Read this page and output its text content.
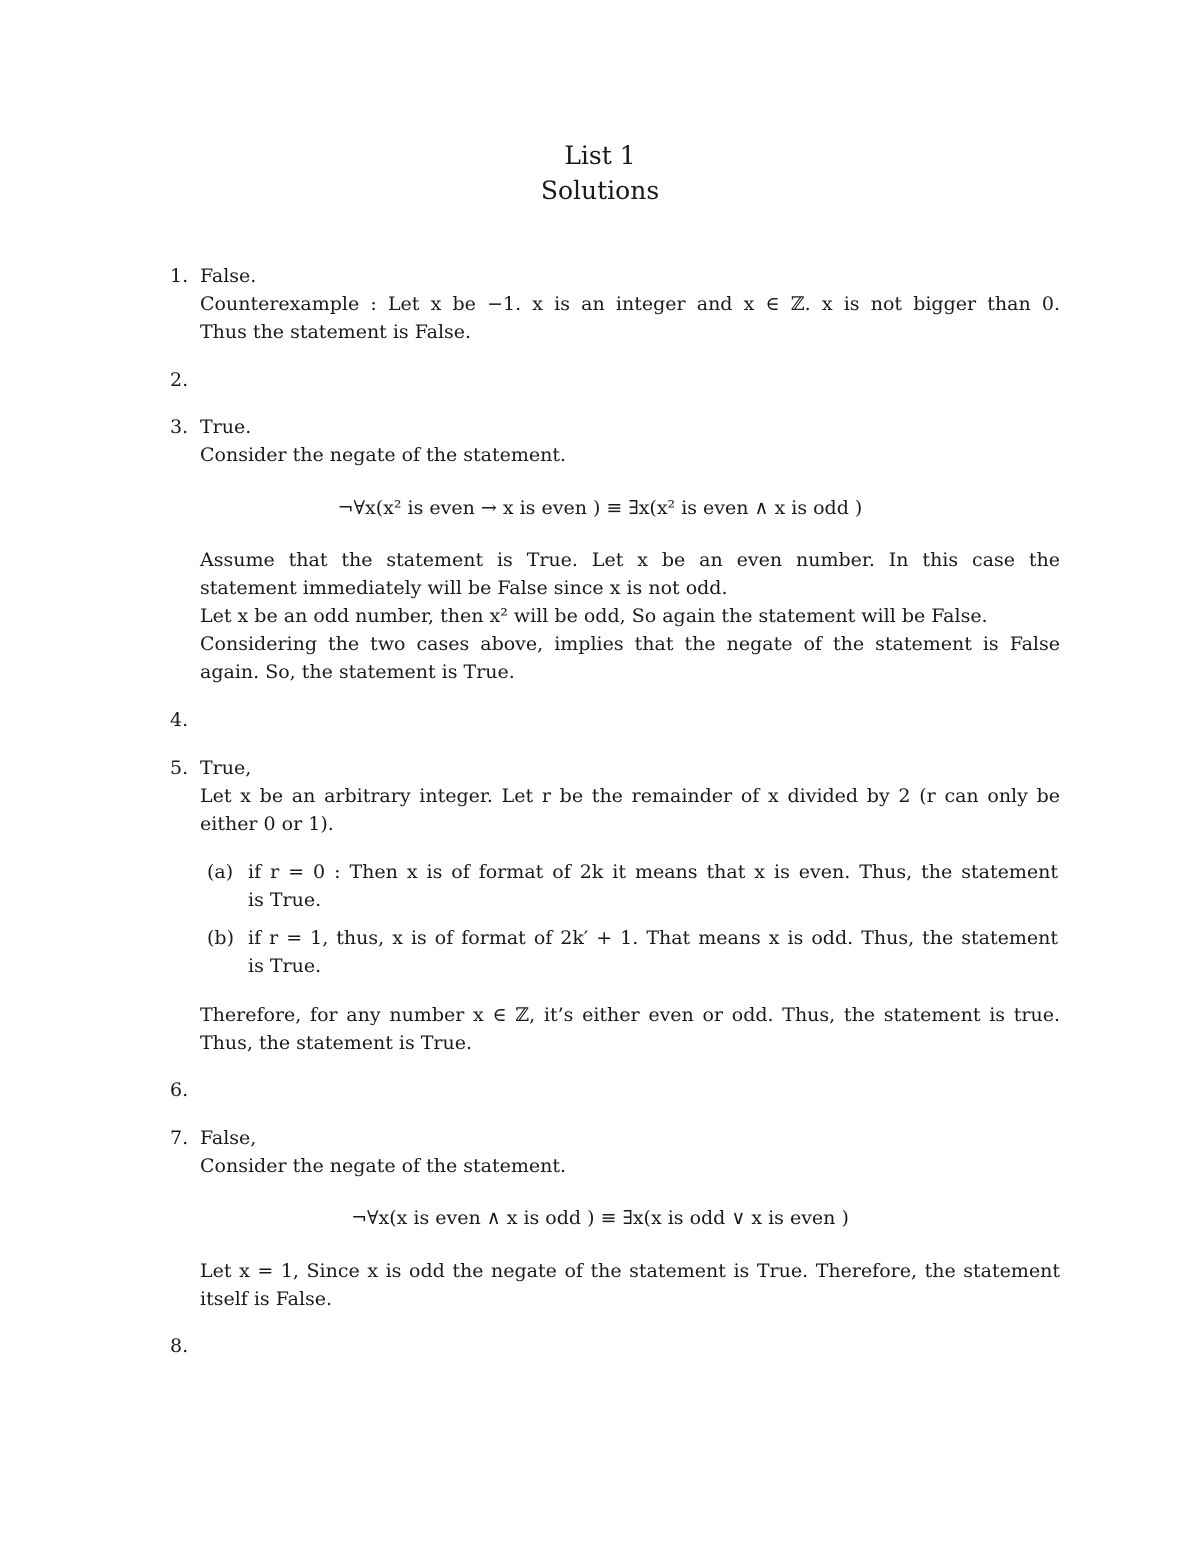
List 1
Solutions
1. False.
Counterexample : Let x be −1. x is an integer and x ∈ ℤ. x is not bigger than 0.
Thus the statement is False.
2.
3. True.
Consider the negate of the statement.
¬∀x(x² is even → x is even ) ≡ ∃x(x² is even ∧ x is odd )
Assume that the statement is True. Let x be an even number. In this case the
statement immediately will be False since x is not odd.
Let x be an odd number, then x² will be odd, So again the statement will be False.
Considering the two cases above, implies that the negate of the statement is False
again. So, the statement is True.
4.
5. True,
Let x be an arbitrary integer. Let r be the remainder of x divided by 2 (r can only be
either 0 or 1).
(a) if r = 0 : Then x is of format of 2k it means that x is even. Thus, the statement
is True.
(b) if r = 1, thus, x is of format of 2k′ + 1. That means x is odd. Thus, the statement
is True.
Therefore, for any number x ∈ ℤ, it’s either even or odd. Thus, the statement is true.
Thus, the statement is True.
6.
7. False,
Consider the negate of the statement.
¬∀x(x is even ∧ x is odd ) ≡ ∃x(x is odd ∨ x is even )
Let x = 1, Since x is odd the negate of the statement is True. Therefore, the statement
itself is False.
8.
